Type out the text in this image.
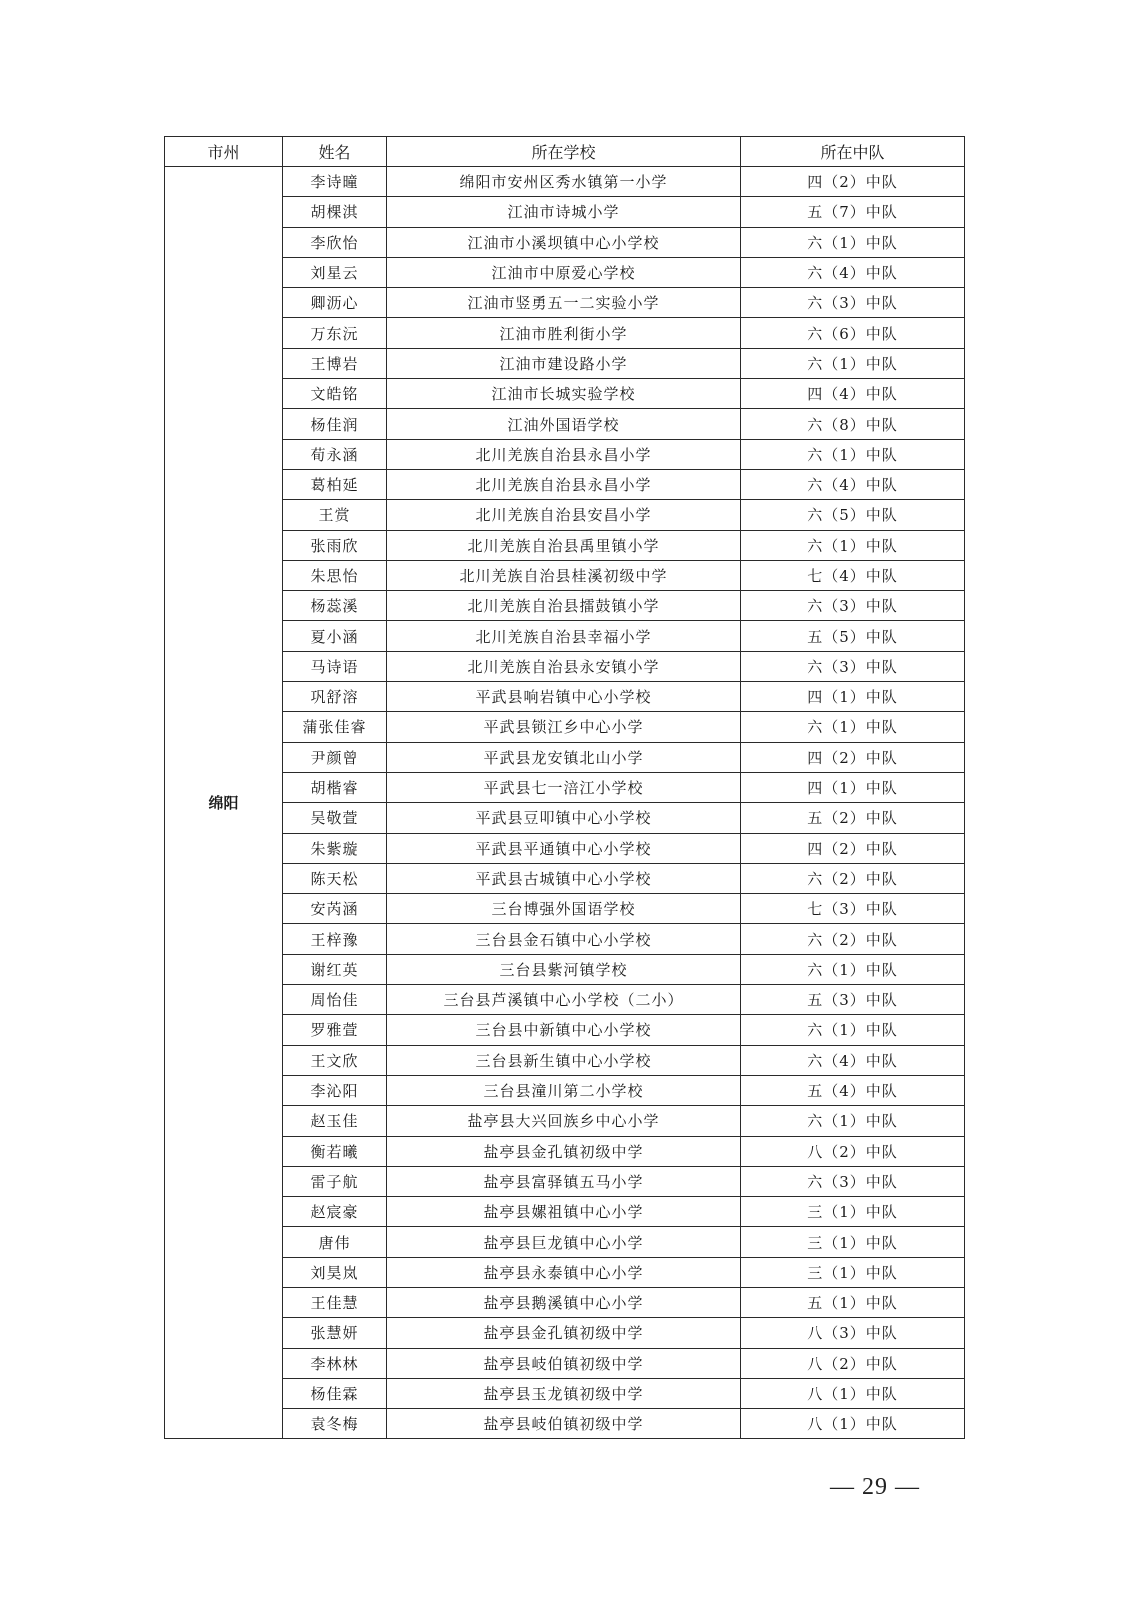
市州	姓名	所在学校	所在中队
绵阳	李诗曈	绵阳市安州区秀水镇第一小学	四（2）中队
	胡棵淇	江油市诗城小学	五（7）中队
	李欣怡	江油市小溪坝镇中心小学校	六（1）中队
	刘星云	江油市中原爱心学校	六（4）中队
	卿沥心	江油市竖勇五一二实验小学	六（3）中队
	万东沅	江油市胜利街小学	六（6）中队
	王博岩	江油市建设路小学	六（1）中队
	文皓铭	江油市长城实验学校	四（4）中队
	杨佳润	江油外国语学校	六（8）中队
	荀永涵	北川羌族自治县永昌小学	六（1）中队
	葛柏延	北川羌族自治县永昌小学	六（4）中队
	王赏	北川羌族自治县安昌小学	六（5）中队
	张雨欣	北川羌族自治县禹里镇小学	六（1）中队
	朱思怡	北川羌族自治县桂溪初级中学	七（4）中队
	杨蕊溪	北川羌族自治县擂鼓镇小学	六（3）中队
	夏小涵	北川羌族自治县幸福小学	五（5）中队
	马诗语	北川羌族自治县永安镇小学	六（3）中队
	巩舒溶	平武县响岩镇中心小学校	四（1）中队
	蒲张佳睿	平武县锁江乡中心小学	六（1）中队
	尹颜曾	平武县龙安镇北山小学	四（2）中队
	胡楷睿	平武县七一涪江小学校	四（1）中队
	吴敬萱	平武县豆叩镇中心小学校	五（2）中队
	朱紫璇	平武县平通镇中心小学校	四（2）中队
	陈天松	平武县古城镇中心小学校	六（2）中队
	安芮涵	三台博强外国语学校	七（3）中队
	王梓豫	三台县金石镇中心小学校	六（2）中队
	谢红英	三台县紫河镇学校	六（1）中队
	周怡佳	三台县芦溪镇中心小学校（二小）	五（3）中队
	罗雅萱	三台县中新镇中心小学校	六（1）中队
	王文欣	三台县新生镇中心小学校	六（4）中队
	李沁阳	三台县潼川第二小学校	五（4）中队
	赵玉佳	盐亭县大兴回族乡中心小学	六（1）中队
	衡若曦	盐亭县金孔镇初级中学	八（2）中队
	雷子航	盐亭县富驿镇五马小学	六（3）中队
	赵宸豪	盐亭县嫘祖镇中心小学	三（1）中队
	唐伟	盐亭县巨龙镇中心小学	三（1）中队
	刘昊岚	盐亭县永泰镇中心小学	三（1）中队
	王佳慧	盐亭县鹅溪镇中心小学	五（1）中队
	张慧妍	盐亭县金孔镇初级中学	八（3）中队
	李林林	盐亭县岐伯镇初级中学	八（2）中队
	杨佳霖	盐亭县玉龙镇初级中学	八（1）中队
	袁冬梅	盐亭县岐伯镇初级中学	八（1）中队
— 29 —
